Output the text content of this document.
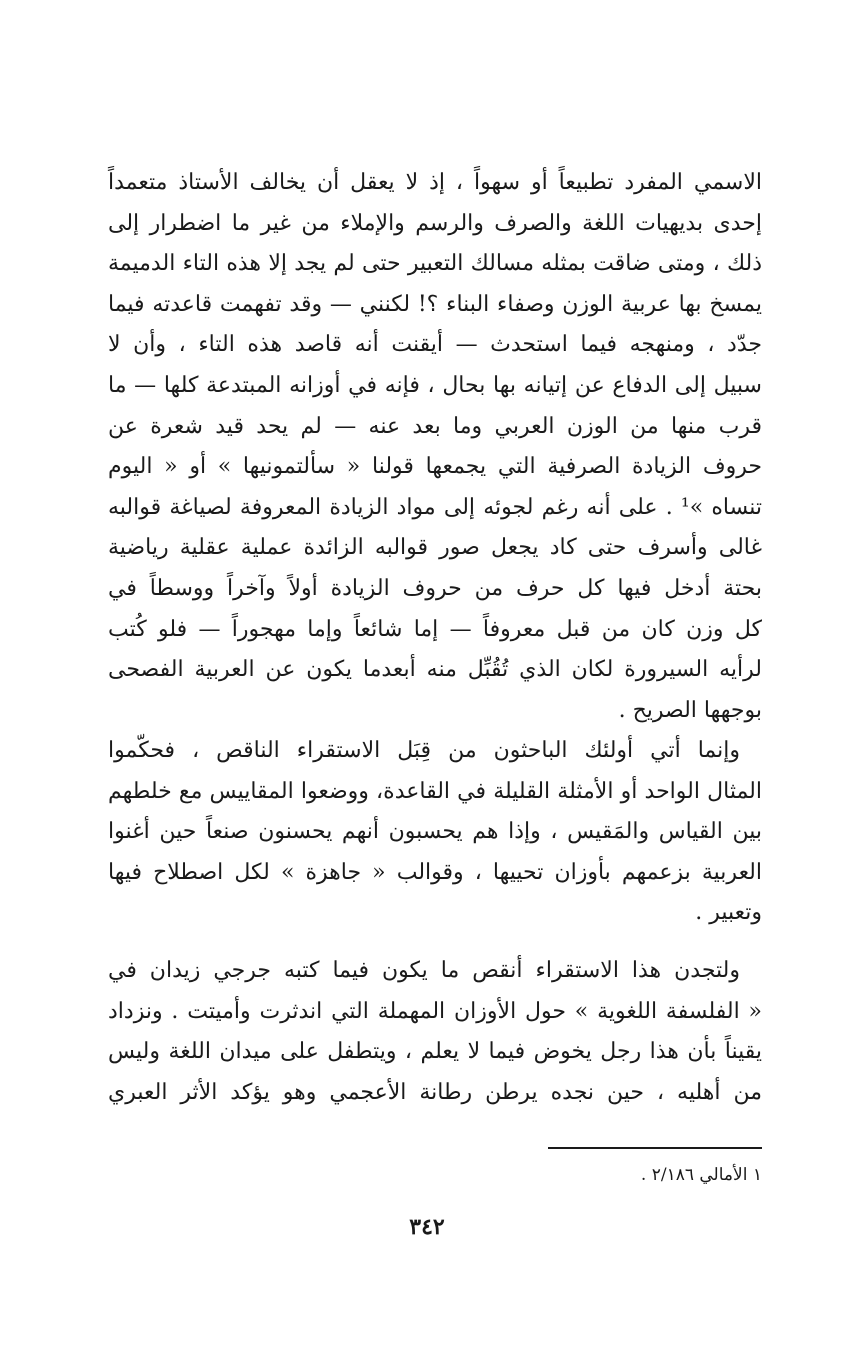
الاسمي المفرد تطبيعاً أو سهواً ، إذ لا يعقل أن يخالف الأستاذ متعمداً
إحدى بديهيات اللغة والصرف والرسم والإملاء من غير ما اضطرار إلى
ذلك ، ومتى ضاقت بمثله مسالك التعبير حتى لم يجد إلا هذه التاء الدميمة
يمسخ بها عربية الوزن وصفاء البناء ؟! لكنني — وقد تفهمت قاعدته فيما
جدّد ، ومنهجه فيما استحدث — أيقنت أنه قاصد هذه التاء ، وأن لا
سبيل إلى الدفاع عن إتيانه بها بحال ، فإنه في أوزانه المبتدعة كلها — ما
قرب منها من الوزن العربي وما بعد عنه — لم يحد قيد شعرة عن
حروف الزيادة الصرفية التي يجمعها قولنا « سألتمونيها » أو « اليوم
تنساه »¹ . على أنه رغم لجوئه إلى مواد الزيادة المعروفة لصياغة قوالبه
غالى وأسرف حتى كاد يجعل صور قوالبه الزائدة عملية عقلية رياضية
بحتة أدخل فيها كل حرف من حروف الزيادة أولاً وآخراً ووسطاً في
كل وزن كان من قبل معروفاً — إما شائعاً وإما مهجوراً — فلو كُتب
لرأيه السيرورة لكان الذي تُقُبِّل منه أبعدما يكون عن العربية الفصحى
بوجهها الصريح .
وإنما أتي أولئك الباحثون من قِبَل الاستقراء الناقص ، فحكّموا
المثال الواحد أو الأمثلة القليلة في القاعدة، ووضعوا المقاييس مع خلطهم
بين القياس والمَقيس ، وإذا هم يحسبون أنهم يحسنون صنعاً حين أغنوا
العربية بزعمهم بأوزان تحييها ، وقوالب « جاهزة » لكل اصطلاح فيها
وتعبير .
ولتجدن هذا الاستقراء أنقص ما يكون فيما كتبه جرجي زيدان في
« الفلسفة اللغوية » حول الأوزان المهملة التي اندثرت وأميتت . ونزداد
يقيناً بأن هذا رجل يخوض فيما لا يعلم ، ويتطفل على ميدان اللغة وليس
من أهليه ، حين نجده يرطن رطانة الأعجمي وهو يؤكد الأثر العبري

١ الأمالي ٢/١٨٦ .

٣٤٢
